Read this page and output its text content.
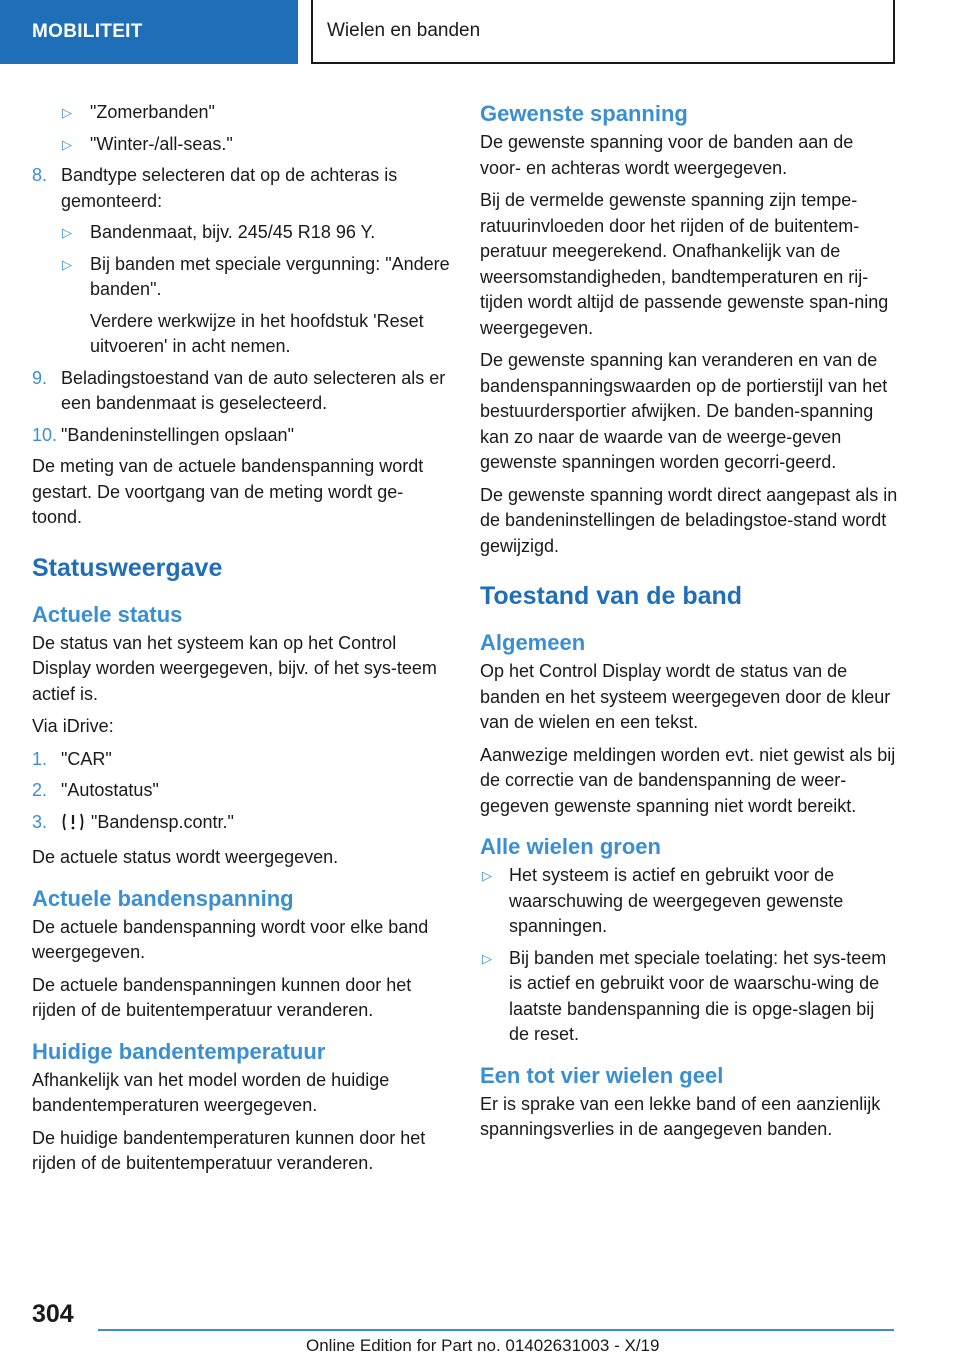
MOBILITEIT	Wielen en banden
▷ "Zomerbanden"
▷ "Winter-/all-seas."
8. Bandtype selecteren dat op de achteras is gemonteerd:
▷ Bandenmaat, bijv. 245/45 R18 96 Y.
▷ Bij banden met speciale vergunning: "Andere banden".
Verdere werkwijze in het hoofdstuk 'Reset uitvoeren' in acht nemen.
9. Beladingstoestand van de auto selecteren als er een bandenmaat is geselecteerd.
10. "Bandeninstellingen opslaan"

De meting van de actuele bandenspanning wordt gestart. De voortgang van de meting wordt ge-toond.

Statusweergave
Actuele status

De status van het systeem kan op het Control Display worden weergegeven, bijv. of het sys-teem actief is.

Via iDrive:

1. "CAR"
2. "Autostatus"
3. "Bandensp.contr."

De actuele status wordt weergegeven.

Actuele bandenspanning

De actuele bandenspanning wordt voor elke band weergegeven.

De actuele bandenspanningen kunnen door het rijden of de buitentemperatuur veranderen.

Huidige bandentemperatuur

Afhankelijk van het model worden de huidige bandentemperaturen weergegeven.

De huidige bandentemperaturen kunnen door het rijden of de buitentemperatuur veranderen.

Gewenste spanning

De gewenste spanning voor de banden aan de voor- en achteras wordt weergegeven.

Bij de vermelde gewenste spanning zijn tempe-ratuurinvloeden door het rijden of de buitentem-peratuur meegerekend. Onafhankelijk van de weersomstandigheden, bandtemperaturen en rij-tijden wordt altijd de passende gewenste span-ning weergegeven.

De gewenste spanning kan veranderen en van de bandenspanningswaarden op de portierstijl van het bestuurdersportier afwijken. De banden-spanning kan zo naar de waarde van de weerge-geven gewenste spanningen worden gecorri-geerd.

De gewenste spanning wordt direct aangepast als in de bandeninstellingen de beladingstoe-stand wordt gewijzigd.

Toestand van de band
Algemeen

Op het Control Display wordt de status van de banden en het systeem weergegeven door de kleur van de wielen en een tekst.

Aanwezige meldingen worden evt. niet gewist als bij de correctie van de bandenspanning de weer-gegeven gewenste spanning niet wordt bereikt.

Alle wielen groen
▷ Het systeem is actief en gebruikt voor de waarschuwing de weergegeven gewenste spanningen.
▷ Bij banden met speciale toelating: het sys-teem is actief en gebruikt voor de waarschu-wing de laatste bandenspanning die is opge-slagen bij de reset.
Een tot vier wielen geel

Er is sprake van een lekke band of een aanzienlijk spanningsverlies in de aangegeven banden.

304
Online Edition for Part no. 01402631003 - X/19
